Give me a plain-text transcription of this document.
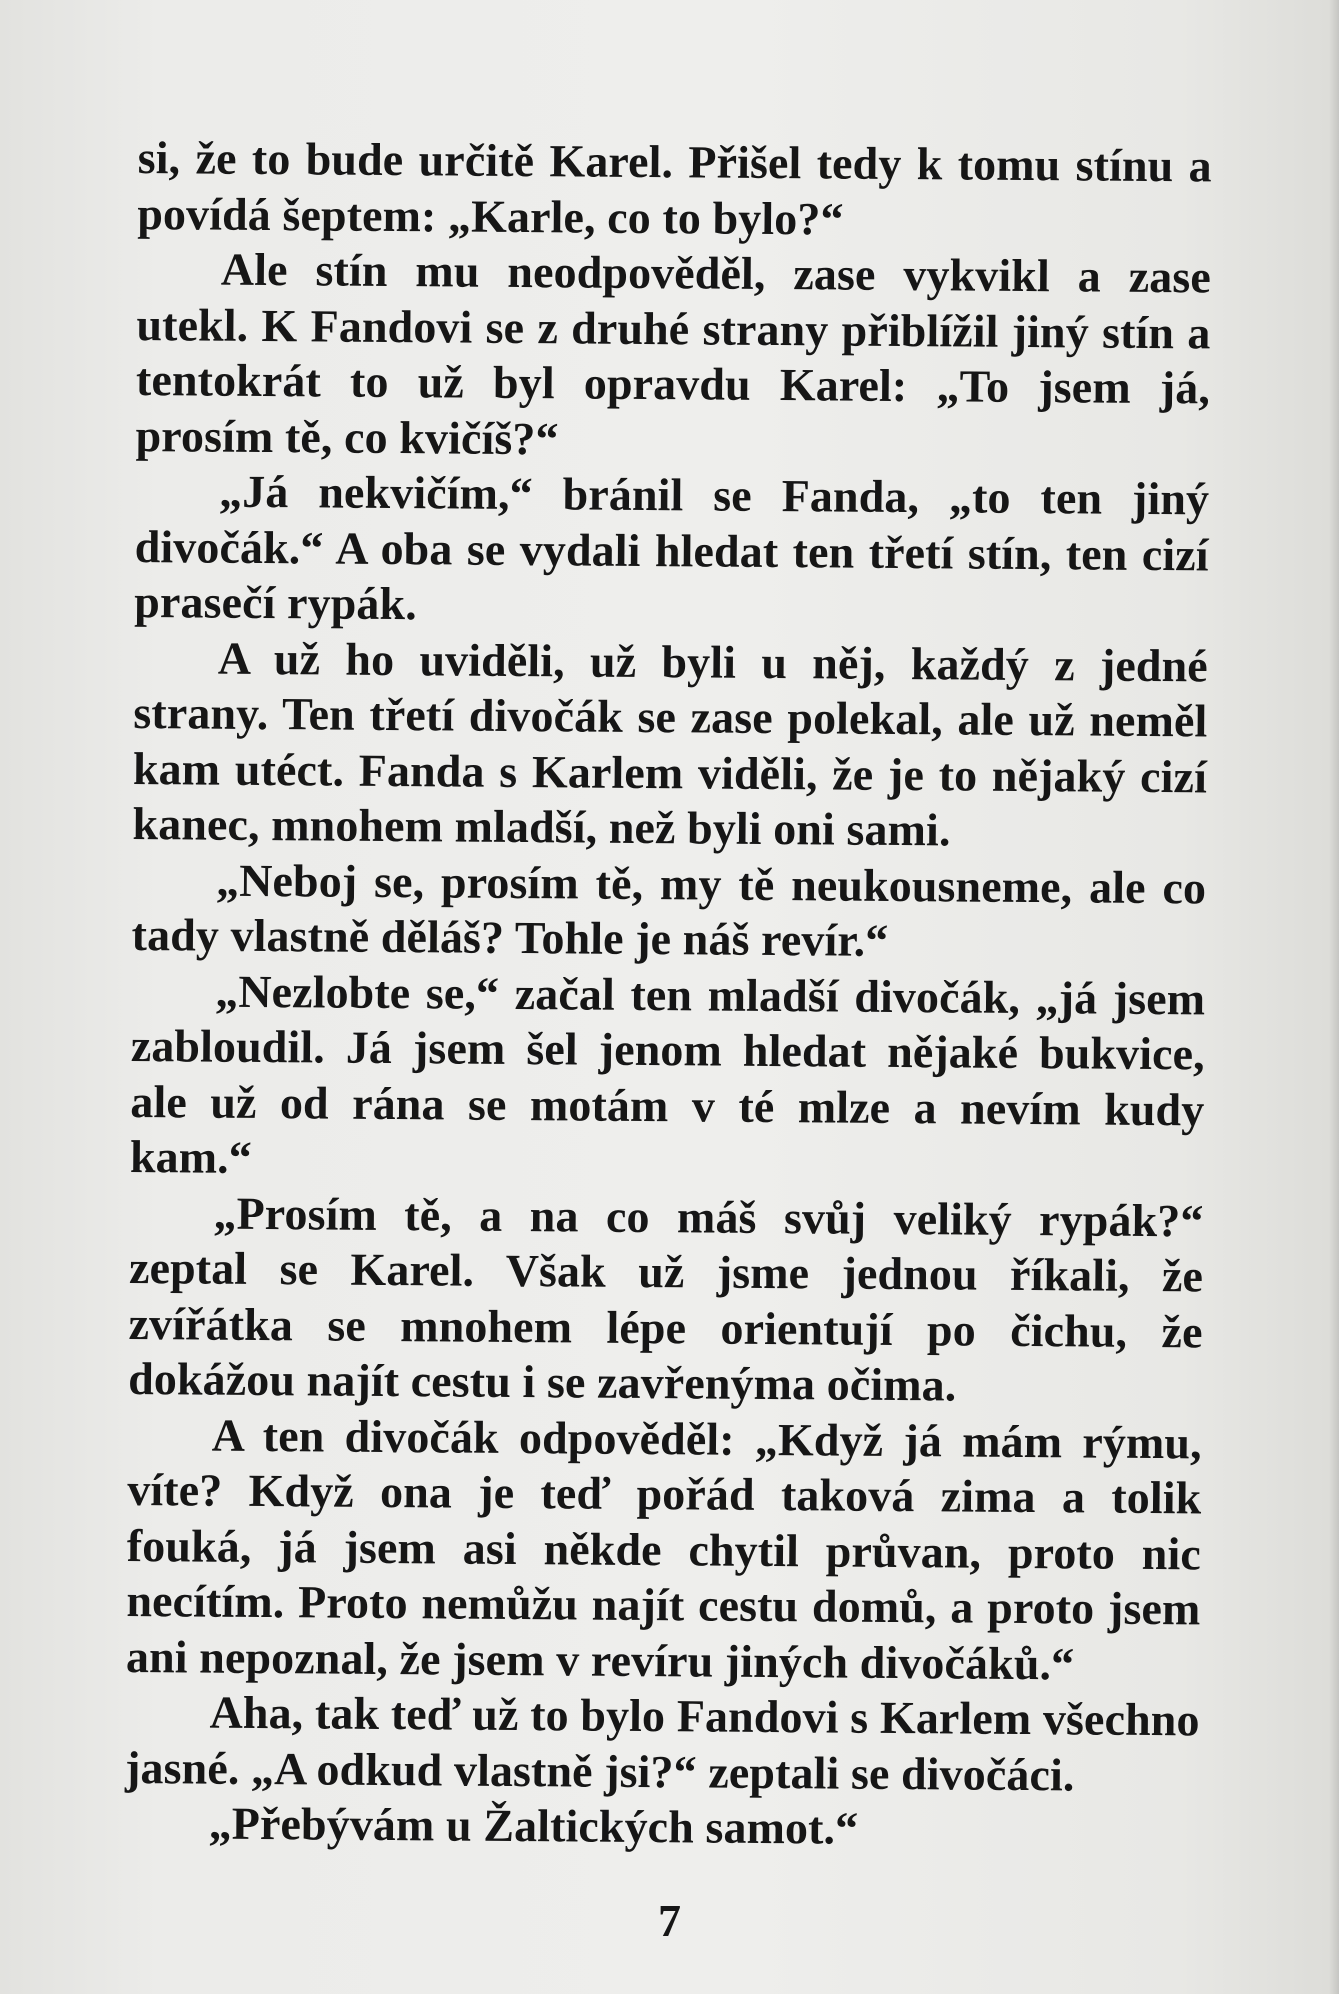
si, že to bude určitě Karel. Přišel tedy k tomu stínu a povídá šeptem: „Karle, co to bylo?“

Ale stín mu neodpověděl, zase vykvikl a zase utekl. K Fandovi se z druhé strany přiblížil jiný stín a tentokrát to už byl opravdu Karel: „To jsem já, prosím tě, co kvičíš?“

„Já nekvičím,“ bránil se Fanda, „to ten jiný divočák.“ A oba se vydali hledat ten třetí stín, ten cizí prasečí rypák.

A už ho uviděli, už byli u něj, každý z jedné strany. Ten třetí divočák se zase polekal, ale už neměl kam utéct. Fanda s Karlem viděli, že je to nějaký cizí kanec, mnohem mladší, než byli oni sami.

„Neboj se, prosím tě, my tě neukousneme, ale co tady vlastně děláš? Tohle je náš revír.“

„Nezlobte se,“ začal ten mladší divočák, „já jsem zabloudil. Já jsem šel jenom hledat nějaké bukvice, ale už od rána se motám v té mlze a nevím kudy kam.“

„Prosím tě, a na co máš svůj veliký rypák?“ zeptal se Karel. Však už jsme jednou říkali, že zvířátka se mnohem lépe orientují po čichu, že dokážou najít cestu i se zavřenýma očima.

A ten divočák odpověděl: „Když já mám rýmu, víte? Když ona je teď pořád taková zima a tolik fouká, já jsem asi někde chytil průvan, proto nic necítím. Proto nemůžu najít cestu domů, a proto jsem ani nepoznal, že jsem v revíru jiných divočáků.“

Aha, tak teď už to bylo Fandovi s Karlem všechno jasné. „A odkud vlastně jsi?“ zeptali se divočáci.

„Přebývám u Žaltických samot.“

7
